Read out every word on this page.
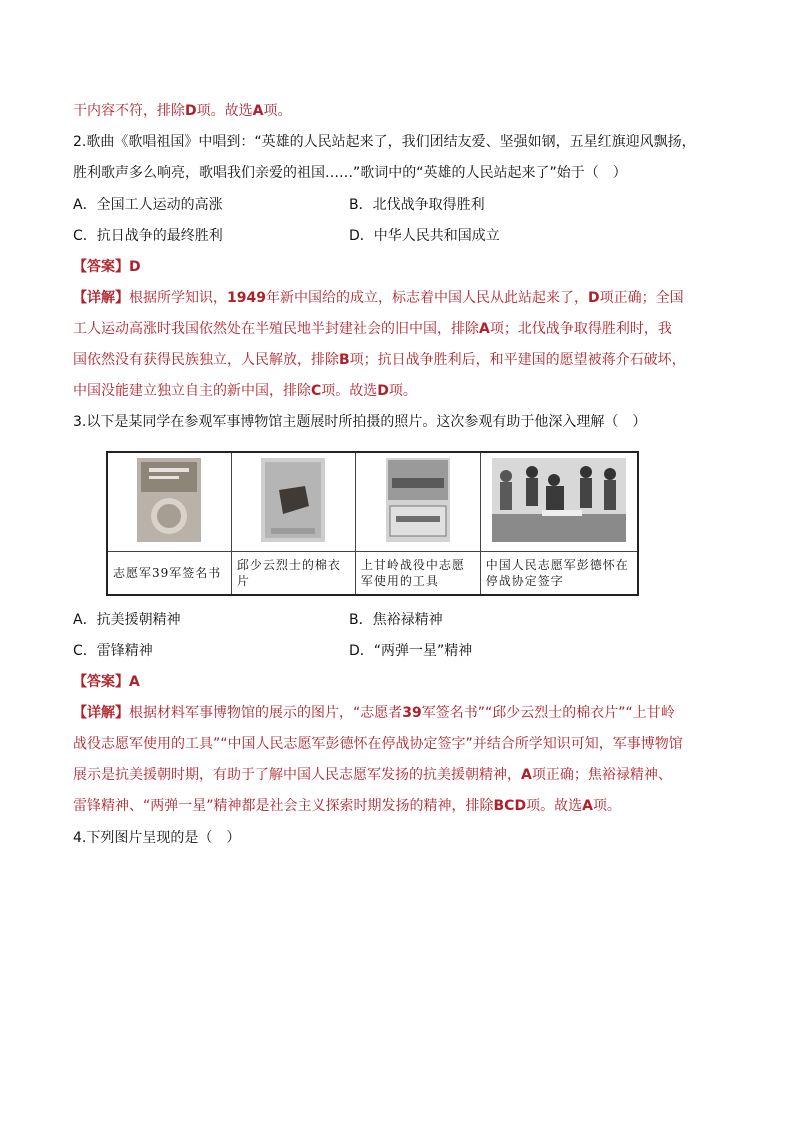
干内容不符，排除D项。故选A项。
2.歌曲《歌唱祖国》中唱到：“英雄的人民站起来了，我们团结友爱、坚强如钢，五星红旗迎风飘扬，
胜利歌声多么响亮，歌唱我们亲爱的祖国……”歌词中的“英雄的人民站起来了”始于（　）
A．全国工人运动的高涨	B．北伐战争取得胜利
C．抗日战争的最终胜利	D．中华人民共和国成立
【答案】D
【详解】根据所学知识，1949年新中国给的成立，标志着中国人民从此站起来了，D项正确；全国
工人运动高涨时我国依然处在半殖民地半封建社会的旧中国，排除A项；北伐战争取得胜利时，我
国依然没有获得民族独立，人民解放，排除B项；抗日战争胜利后，和平建国的愿望被蒋介石破坏，
中国没能建立独立自主的新中国，排除C项。故选D项。
3.以下是某同学在参观军事博物馆主题展时所拍摄的照片。这次参观有助于他深入理解（　）

志愿军39军签名书	邱少云烈士的棉衣片	上甘岭战役中志愿军使用的工具	中国人民志愿军彭德怀在停战协定签字
A．抗美援朝精神	B．焦裕禄精神
C．雷锋精神	D．“两弹一星”精神
【答案】A
【详解】根据材料军事博物馆的展示的图片，“志愿者39军签名书”“邱少云烈士的棉衣片”“上甘岭
战役志愿军使用的工具”“中国人民志愿军彭德怀在停战协定签字”并结合所学知识可知，军事博物馆
展示是抗美援朝时期，有助于了解中国人民志愿军发扬的抗美援朝精神，A项正确；焦裕禄精神、
雷锋精神、“两弹一星”精神都是社会主义探索时期发扬的精神，排除BCD项。故选A项。
4.下列图片呈现的是（　）
